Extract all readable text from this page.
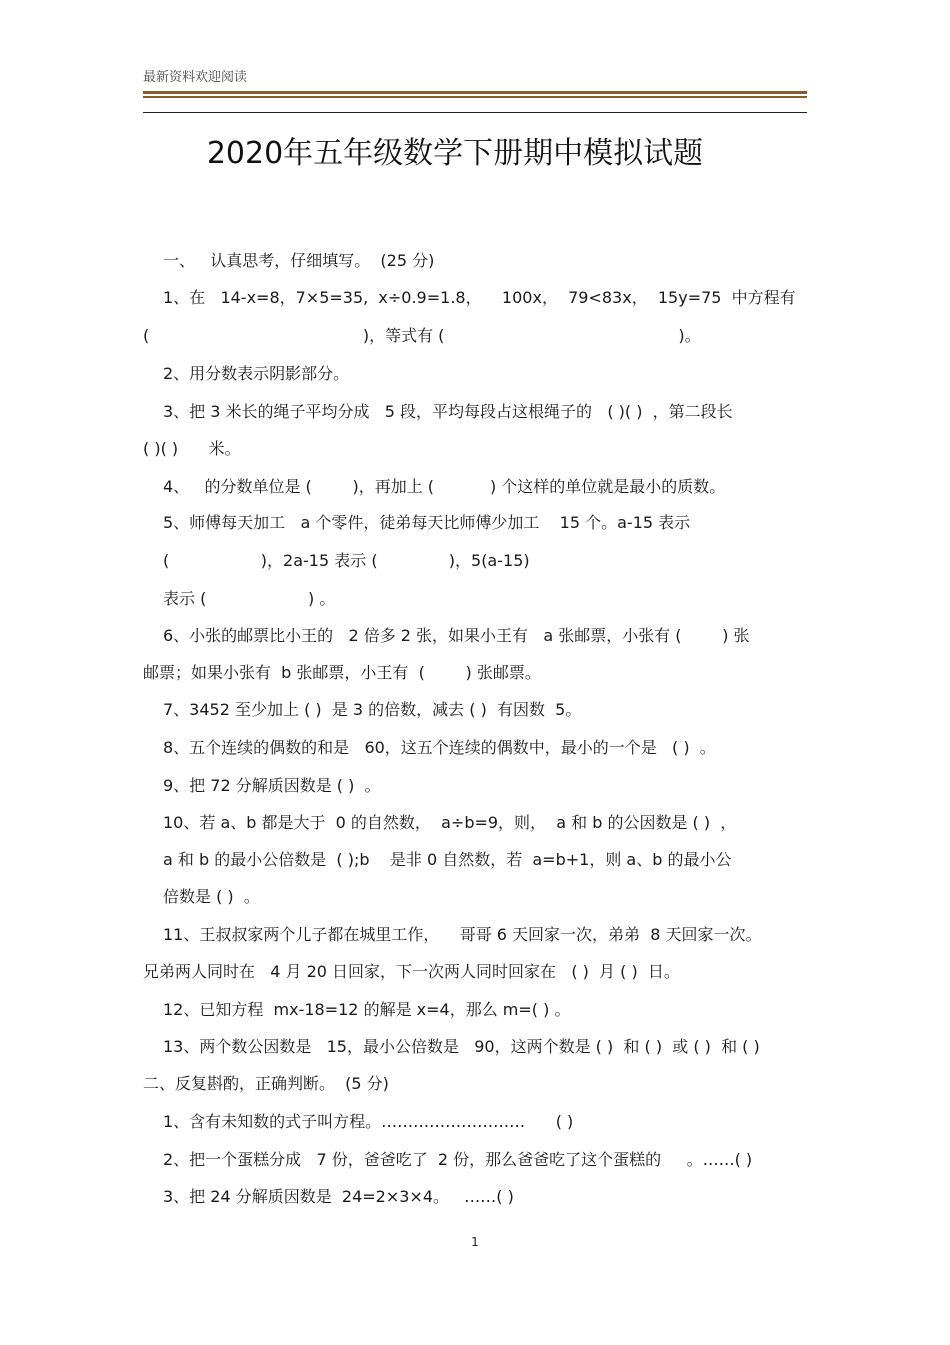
最新资料欢迎阅读
2020年五年级数学下册期中模拟试题
一、   认真思考，仔细填写。  (25 分)
1、在   14-x=8，7×5=35,  x÷0.9=1.8，    100x，  79<83x，  15y=75  中方程有
(                                          )，等式有 (                                              )。
2、用分数表示阴影部分。
3、把 3 米长的绳子平均分成   5 段，平均每段占这根绳子的   ( )( )  ，第二段长
( )( )      米。
4、   的分数单位是 (        )，再加上 (           ) 个这样的单位就是最小的质数。
5、师傅每天加工   a 个零件，徒弟每天比师傅少加工    15 个。a-15 表示
(                  )，2a-15 表示 (              )，5(a-15)
表示 (                    ) 。
6、小张的邮票比小王的   2 倍多 2 张，如果小王有   a 张邮票，小张有 (        ) 张
邮票；如果小张有  b 张邮票，小王有  (        ) 张邮票。
7、3452 至少加上 ( )  是 3 的倍数，减去 ( )  有因数  5。
8、五个连续的偶数的和是   60，这五个连续的偶数中，最小的一个是   ( )  。
9、把 72 分解质因数是 ( )  。
10、若 a、b 都是大于  0 的自然数，  a÷b=9，则，  a 和 b 的公因数是 ( )  ，
a 和 b 的最小公倍数是  ( );b    是非 0 自然数，若  a=b+1，则 a、b 的最小公
倍数是 ( )  。
11、王叔叔家两个儿子都在城里工作，    哥哥 6 天回家一次，弟弟  8 天回家一次。
兄弟两人同时在   4 月 20 日回家，下一次两人同时回家在   ( )  月 ( )  日。
12、已知方程  mx-18=12 的解是 x=4，那么 m=( ) 。
13、两个数公因数是   15，最小公倍数是   90，这两个数是 ( )  和 ( )  或 ( )  和 ( )
二、反复斟酌，正确判断。  (5 分)
1、含有未知数的式子叫方程。………………………      ( )
2、把一个蛋糕分成   7 份，爸爸吃了  2 份，那么爸爸吃了这个蛋糕的     。……( )
3、把 24 分解质因数是  24=2×3×4。   ……( )
1
